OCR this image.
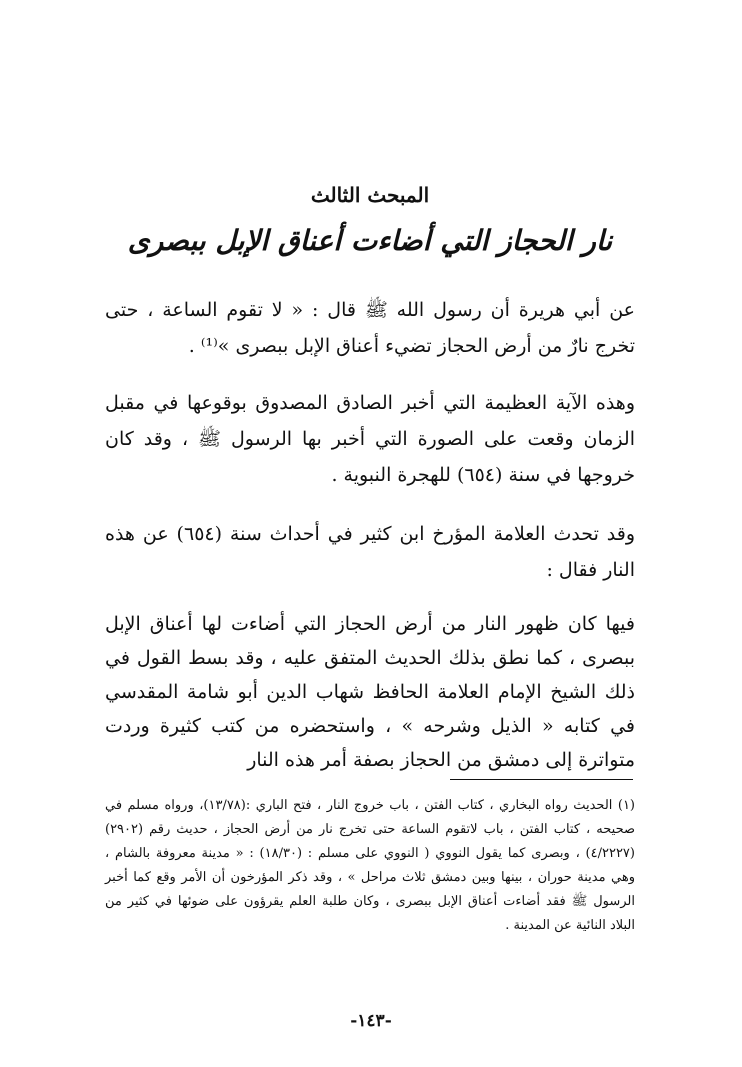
المبحث الثالث
نار الحجاز التي أضاءت أعناق الإبل ببصرى
عن أبي هريرة أن رسول الله ﷺ قال : « لا تقوم الساعة ، حتى تخرج نارٌ من أرض الحجاز تضيء أعناق الإبل ببصرى »⁽¹⁾ .
وهذه الآية العظيمة التي أخبر الصادق المصدوق بوقوعها في مقبل الزمان وقعت على الصورة التي أخبر بها الرسول ﷺ ، وقد كان خروجها في سنة (٦٥٤) للهجرة النبوية .
وقد تحدث العلامة المؤرخ ابن كثير في أحداث سنة (٦٥٤) عن هذه النار فقال :
فيها كان ظهور النار من أرض الحجاز التي أضاءت لها أعناق الإبل ببصرى ، كما نطق بذلك الحديث المتفق عليه ، وقد بسط القول في ذلك الشيخ الإمام العلامة الحافظ شهاب الدين أبو شامة المقدسي في كتابه « الذيل وشرحه » ، واستحضره من كتب كثيرة وردت متواترة إلى دمشق من الحجاز بصفة أمر هذه النار
(١) الحديث رواه البخاري ، كتاب الفتن ، باب خروج النار ، فتح الباري :(١٣/٧٨)، ورواه مسلم في صحيحه ، كتاب الفتن ، باب لاتقوم الساعة حتى تخرج نار من أرض الحجاز ، حديث رقم (٢٩٠٢) (٤/٢٢٢٧) ، وبصرى كما يقول النووي ( النووي على مسلم : (١٨/٣٠) : « مدينة معروفة بالشام ، وهي مدينة حوران ، بينها وبين دمشق ثلاث مراحل » ، وقد ذكر المؤرخون أن الأمر وقع كما أخبر الرسول ﷺ فقد أضاءت أعناق الإبل ببصرى ، وكان طلبة العلم يقرؤون على ضوئها في كثير من البلاد النائية عن المدينة .
-١٤٣-
